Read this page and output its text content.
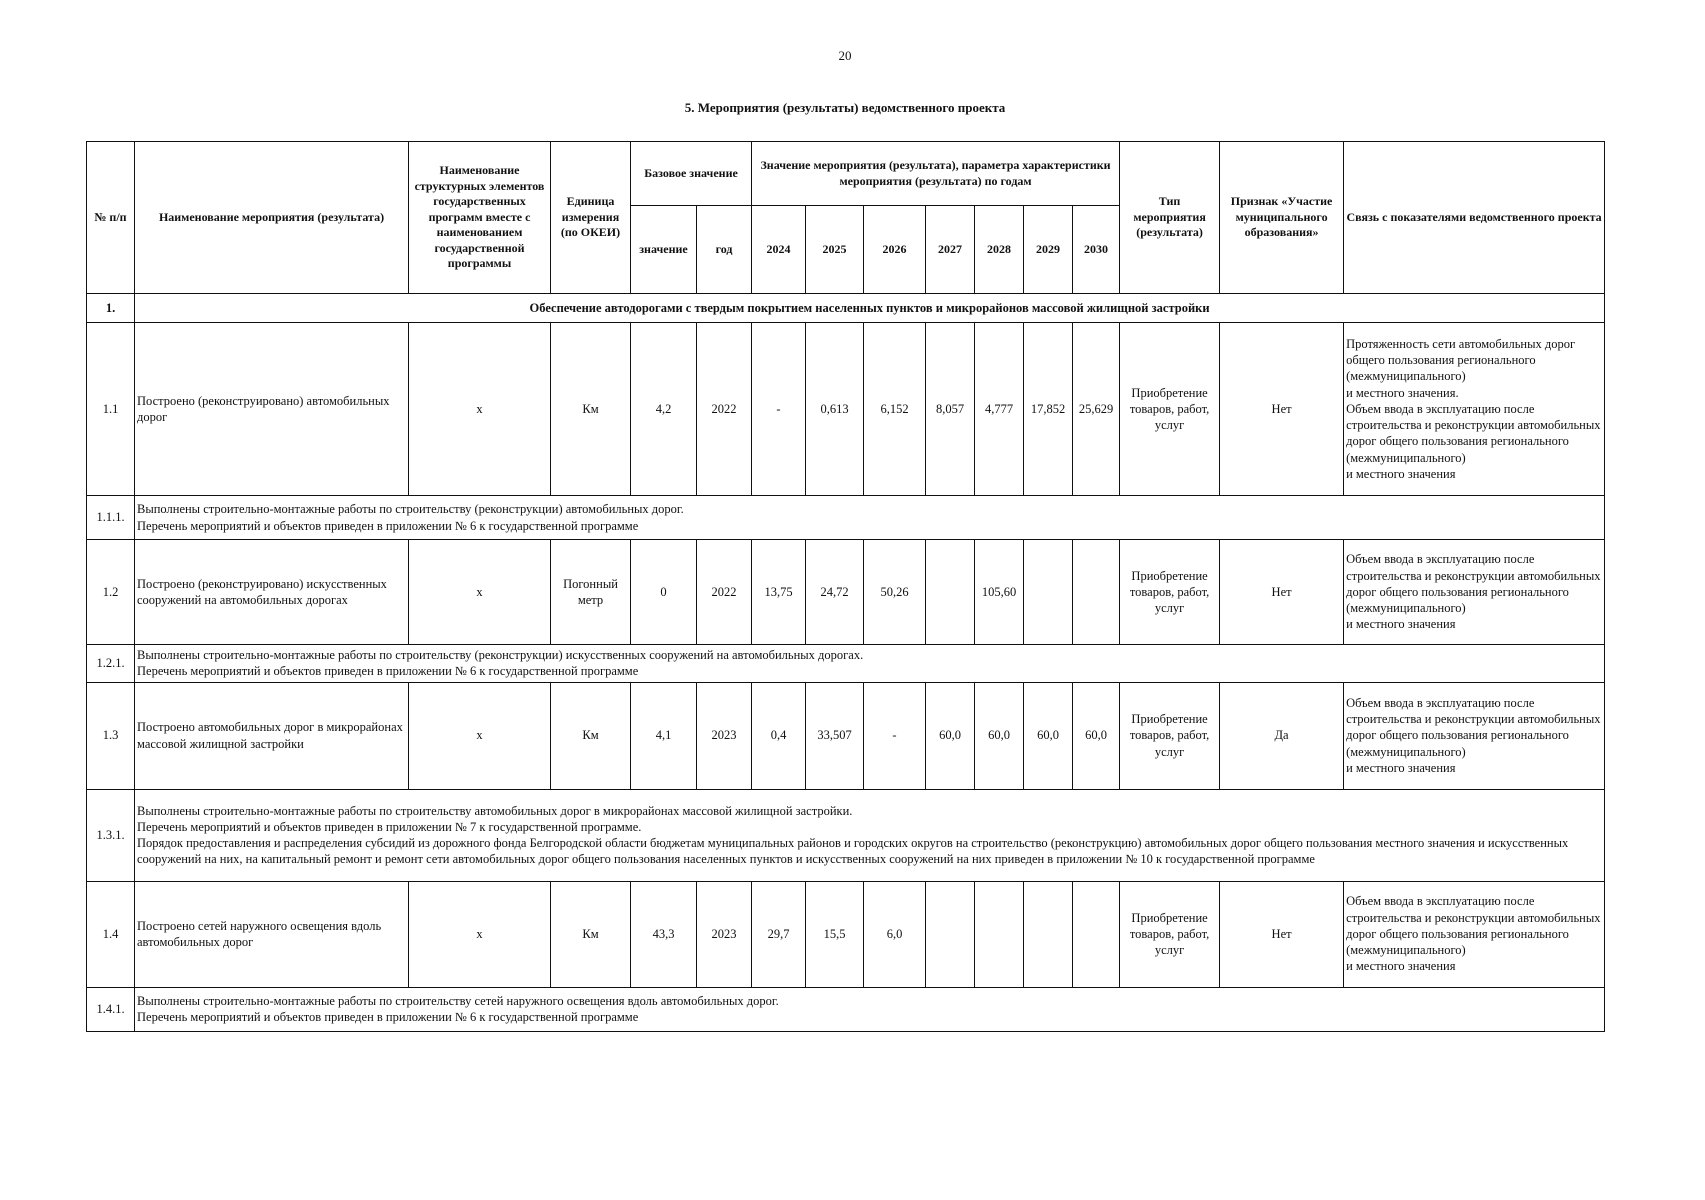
20
5. Мероприятия (результаты) ведомственного проекта
№ п/п	Наименование мероприятия (результата)	Наименование структурных элементов государственных программ вместе с наименованием государственной программы	Единица измерения (по ОКЕИ)	Базовое значение		Значение мероприятия (результата), параметра характеристики мероприятия (результата) по годам							Тип мероприятия (результата)	Признак «Участие муниципального образования»	Связь с показателями ведомственного проекта
				значение	год	2024	2025	2026	2027	2028	2029	2030			
1.	Обеспечение автодорогами с твердым покрытием населенных пунктов и микрорайонов массовой жилищной застройки														
1.1	Построено (реконструировано) автомобильных дорог	х	Км	4,2	2022	-	0,613	6,152	8,057	4,777	17,852	25,629	Приобретение товаров, работ, услуг	Нет	Протяженность сети автомобильных дорог общего пользования регионального (межмуниципального)
и местного значения.
Объем ввода в эксплуатацию после строительства и реконструкции автомобильных дорог общего пользования регионального (межмуниципального)
и местного значения

1.1.1.	Выполнены строительно-монтажные работы по строительству (реконструкции) автомобильных дорог.
Перечень мероприятий и объектов приведен в приложении № 6 к государственной программе														

1.2	Построено (реконструировано) искусственных сооружений на автомобильных дорогах	х	Погонный метр	0	2022	13,75	24,72	50,26		105,60			Приобретение товаров, работ, услуг	Нет	Объем ввода в эксплуатацию после строительства и реконструкции автомобильных дорог общего пользования регионального (межмуниципального)
и местного значения

1.2.1.	Выполнены строительно-монтажные работы по строительству (реконструкции) искусственных сооружений на автомобильных дорогах.
Перечень мероприятий и объектов приведен в приложении № 6 к государственной программе														

1.3	Построено автомобильных дорог в микрорайонах массовой жилищной застройки	х	Км	4,1	2023	0,4	33,507	-	60,0	60,0	60,0	60,0	Приобретение товаров, работ, услуг	Да	Объем ввода в эксплуатацию после строительства и реконструкции автомобильных дорог общего пользования регионального (межмуниципального)
и местного значения

1.3.1.	Выполнены строительно-монтажные работы по строительству автомобильных дорог в микрорайонах массовой жилищной застройки.
Перечень мероприятий и объектов приведен в приложении № 7 к государственной программе.
Порядок предоставления и распределения субсидий из дорожного фонда Белгородской области бюджетам муниципальных районов и городских округов на строительство (реконструкцию) автомобильных дорог общего пользования местного значения и искусственных сооружений на них, на капитальный ремонт и ремонт сети автомобильных дорог общего пользования населенных пунктов и искусственных сооружений на них приведен в приложении № 10 к государственной программе														

1.4	Построено сетей наружного освещения вдоль автомобильных дорог	х	Км	43,3	2023	29,7	15,5	6,0					Приобретение товаров, работ, услуг	Нет	Объем ввода в эксплуатацию после строительства и реконструкции автомобильных дорог общего пользования регионального (межмуниципального)
и местного значения

1.4.1.	Выполнены строительно-монтажные работы по строительству сетей наружного освещения вдоль автомобильных дорог.
Перечень мероприятий и объектов приведен в приложении № 6 к государственной программе														
